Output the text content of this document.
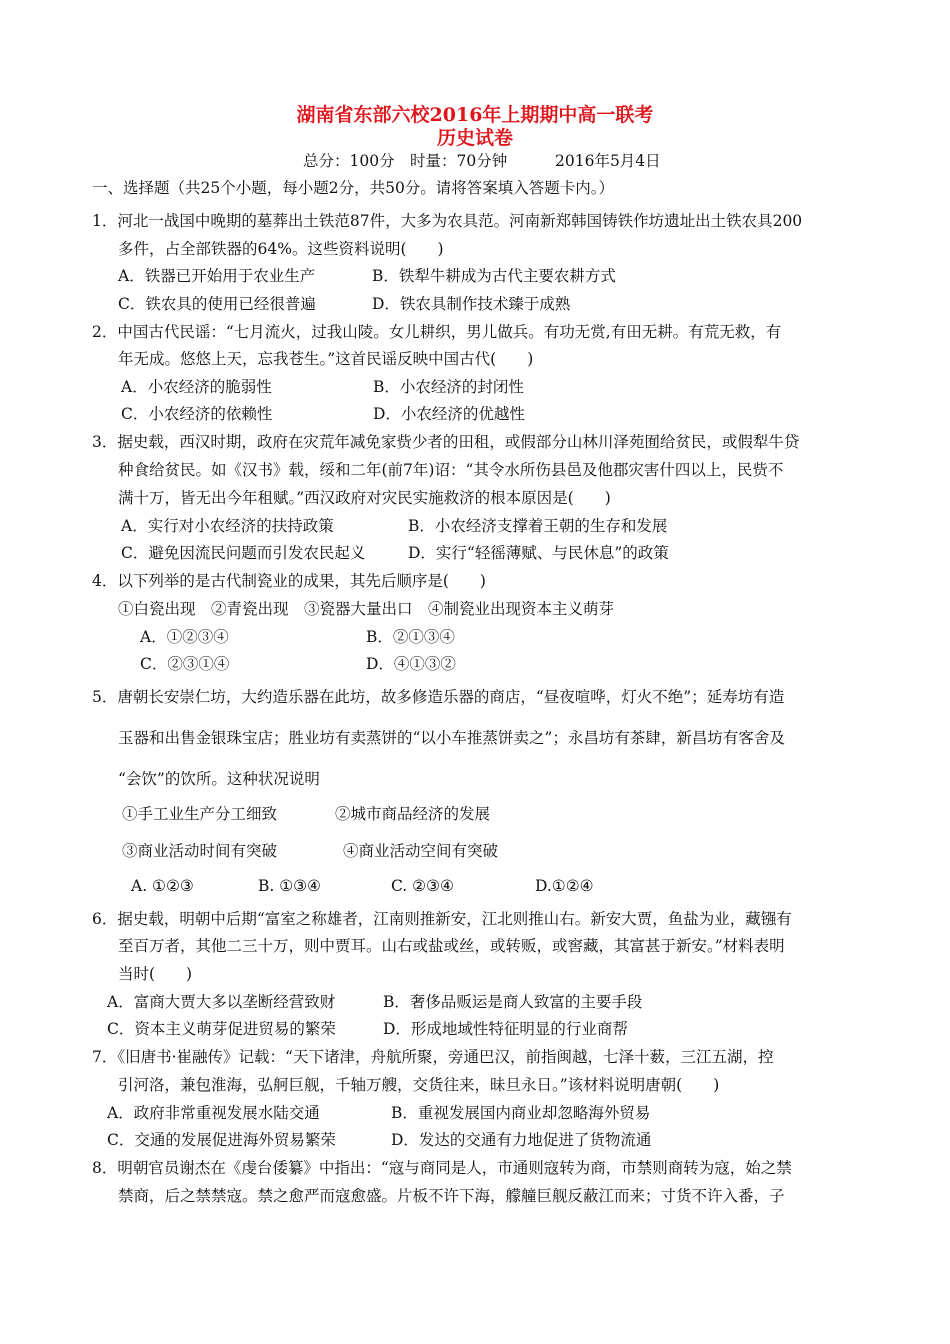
湖南省东部六校2016年上期期中高一联考
历史试卷
总分：100分 时量：70分钟	2016年5月4日
一、选择题（共25个小题，每小题2分，共50分。请将答案填入答题卡内。）
1．河北一战国中晚期的墓葬出土铁范87件，大多为农具范。河南新郑韩国铸铁作坊遗址出土铁农具200
多件，占全部铁器的64%。这些资料说明(　　)
A．铁器已开始用于农业生产	B．铁犁牛耕成为古代主要农耕方式
C．铁农具的使用已经很普遍	D．铁农具制作技术臻于成熟
2．中国古代民谣：“七月流火，过我山陵。女儿耕织，男儿做兵。有功无赏,有田无耕。有荒无救，有
年无成。悠悠上天，忘我苍生。”这首民谣反映中国古代(　　)
A．小农经济的脆弱性	B．小农经济的封闭性
C．小农经济的依赖性	D．小农经济的优越性
3．据史载，西汉时期，政府在灾荒年减免家赀少者的田租，或假部分山林川泽苑囿给贫民，或假犁牛贷
种食给贫民。如《汉书》载，绥和二年(前7年)诏：“其令水所伤县邑及他郡灾害什四以上，民赀不
满十万，皆无出今年租赋。”西汉政府对灾民实施救济的根本原因是(　　)
A．实行对小农经济的扶持政策	B．小农经济支撑着王朝的生存和发展
C．避免因流民问题而引发农民起义	D．实行“轻徭薄赋、与民休息”的政策
4．以下列举的是古代制瓷业的成果，其先后顺序是(　　)
①白瓷出现　②青瓷出现　③瓷器大量出口　④制瓷业出现资本主义萌芽
A．①②③④	B．②①③④
C．②③①④	D．④①③②
5．唐朝长安崇仁坊，大约造乐器在此坊，故多修造乐器的商店，“昼夜喧哗，灯火不绝”；延寿坊有造
玉器和出售金银珠宝店；胜业坊有卖蒸饼的“以小车推蒸饼卖之”；永昌坊有茶肆，新昌坊有客舍及
“会饮”的饮所。这种状况说明
①手工业生产分工细致	②城市商品经济的发展
③商业活动时间有突破	④商业活动空间有突破
A. ①②③	B. ①③④	C. ②③④	D.①②④
6．据史载，明朝中后期“富室之称雄者，江南则推新安，江北则推山右。新安大贾，鱼盐为业，藏镪有
至百万者，其他二三十万，则中贾耳。山右或盐或丝，或转贩，或窖藏，其富甚于新安。”材料表明
当时(　　)
A．富商大贾大多以垄断经营致财	B．奢侈品贩运是商人致富的主要手段
C．资本主义萌芽促进贸易的繁荣	D．形成地域性特征明显的行业商帮
7．《旧唐书·崔融传》记载：“天下诸津，舟航所聚，旁通巴汉，前指闽越，七泽十薮，三江五湖，控
引河洛，兼包淮海，弘舸巨舰，千轴万艘，交货往来，昧旦永日。”该材料说明唐朝(　　)
A．政府非常重视发展水陆交通	B．重视发展国内商业却忽略海外贸易
C．交通的发展促进海外贸易繁荣	D．发达的交通有力地促进了货物流通
8．明朝官员谢杰在《虔台倭纂》中指出：“寇与商同是人，市通则寇转为商，市禁则商转为寇，始之禁
禁商，后之禁禁寇。禁之愈严而寇愈盛。片板不许下海，艨艟巨舰反蔽江而来；寸货不许入番，子
